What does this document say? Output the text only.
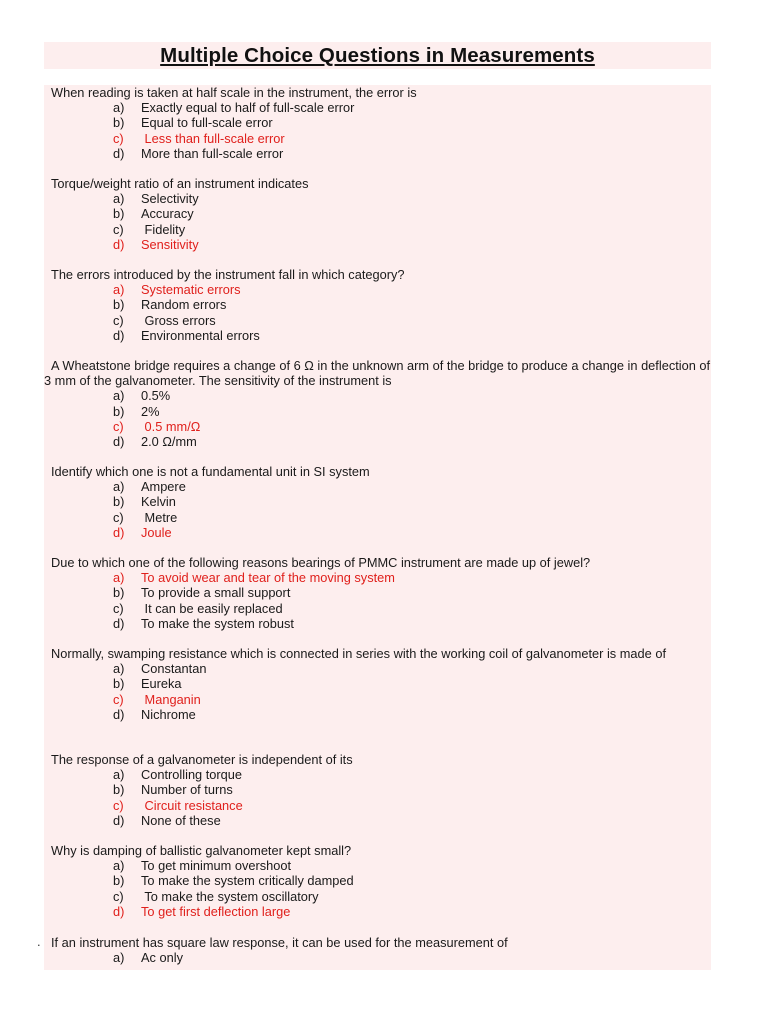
Multiple Choice Questions in Measurements
When reading is taken at half scale in the instrument, the error is
a)	Exactly equal to half of full-scale error
b)	Equal to full-scale error
c)	Less than full-scale error
d)	More than full-scale error
Torque/weight ratio of an instrument indicates
a)	Selectivity
b)	Accuracy
c)	Fidelity
d)	Sensitivity
The errors introduced by the instrument fall in which category?
a)	Systematic errors
b)	Random errors
c)	Gross errors
d)	Environmental errors
A Wheatstone bridge requires a change of 6 Ω in the unknown arm of the bridge to produce a change in deflection of 3 mm of the galvanometer. The sensitivity of the instrument is
a)	0.5%
b)	2%
c)	0.5 mm/Ω
d)	2.0 Ω/mm
Identify which one is not a fundamental unit in SI system
a)	Ampere
b)	Kelvin
c)	Metre
d)	Joule
Due to which one of the following reasons bearings of PMMC instrument are made up of jewel?
a)	To avoid wear and tear of the moving system
b)	To provide a small support
c)	It can be easily replaced
d)	To make the system robust
Normally, swamping resistance which is connected in series with the working coil of galvanometer is made of
a)	Constantan
b)	Eureka
c)	Manganin
d)	Nichrome
The response of a galvanometer is independent of its
a)	Controlling torque
b)	Number of turns
c)	Circuit resistance
d)	None of these
Why is damping of ballistic galvanometer kept small?
a)	To get minimum overshoot
b)	To make the system critically damped
c)	To make the system oscillatory
d)	To get first deflection large
If an instrument has square law response, it can be used for the measurement of
a)	Ac only
.
